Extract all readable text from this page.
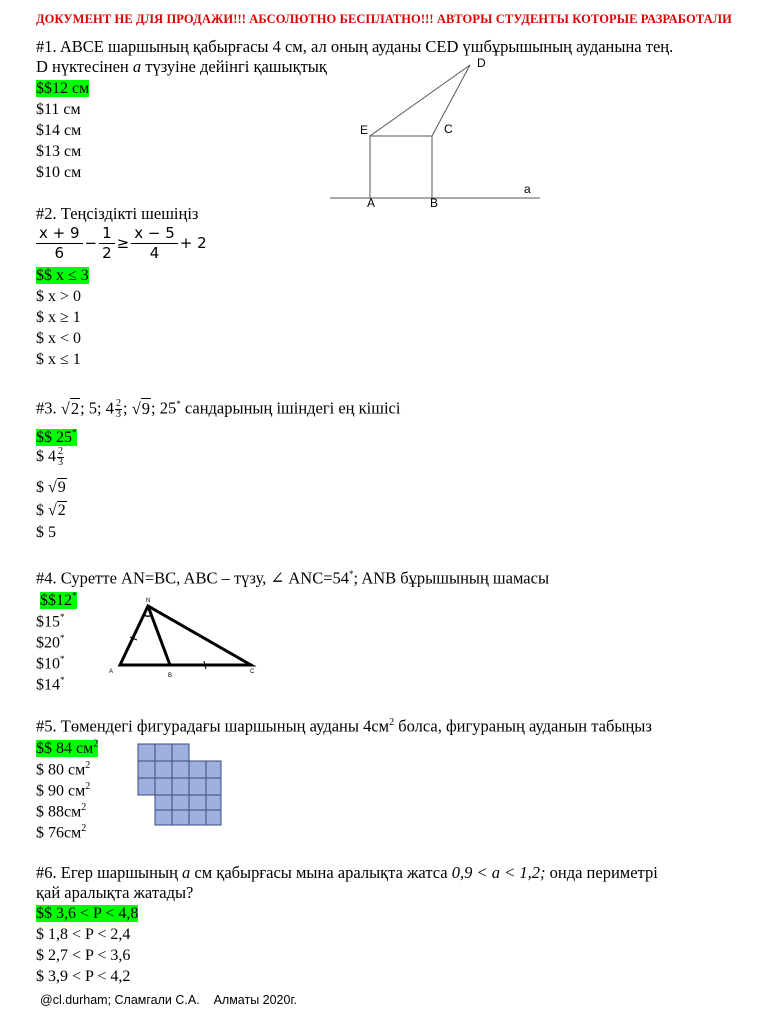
ДОКУМЕНТ НЕ ДЛЯ ПРОДАЖИ!!! АБСОЛЮТНО БЕСПЛАТНО!!! АВТОРЫ СТУДЕНТЫ КОТОРЫЕ РАЗРАБОТАЛИ
#1. ABCE шаршының қабырғасы 4 см, ал оның ауданы CED үшбұрышының ауданына тең.
D нүктесінен a түзуіне дейінгі қашықтық
$$12 см
$11 см
$14 см
$13 см
$10 см
D
E	C
A	B
a
#2. Теңсіздікті шешіңіз
$\frac{x + 9}{6} - \frac{1}{2} \ge \frac{x - 5}{4} + 2$
$$ x ≤ 3
$ x > 0
$ x ≥ 1
$ x < 0
$ x ≤ 1
#3. √2; 5; $4 \frac{2}{3}$ ; √9; 25* сандарының ішіндегі ең кішісі
$$ 25*
$ $4 \frac{2}{3}$
$ √9
$ √2
$ 5
#4. Суретте AN=BC, ABC – түзу, ∠ ANC=54*; ANB бұрышының шамасы
$$12*
$15*
$20*
$10*
$14*
N
A
B
C
#5. Төмендегі фигурадағы шаршының ауданы $4см^2$ болса, фигураның ауданын табыңыз
$$ 84 $см^2$
$ 80 $см^2$
$ 90 $см^2$
$ $88см^2$
$ $76см^2$
#6. Егер шаршының a см қабырғасы мына аралықта жатса 0,9 < a < 1,2; онда периметрі
қай аралықта жатады?
$$ 3,6 < P < 4,8
$ 1,8 < P < 2,4
$ 2,7 < P < 3,6
$ 3,9 < P < 4,2
@cl.durham; Сламгали С.А.    Алматы 2020г.
